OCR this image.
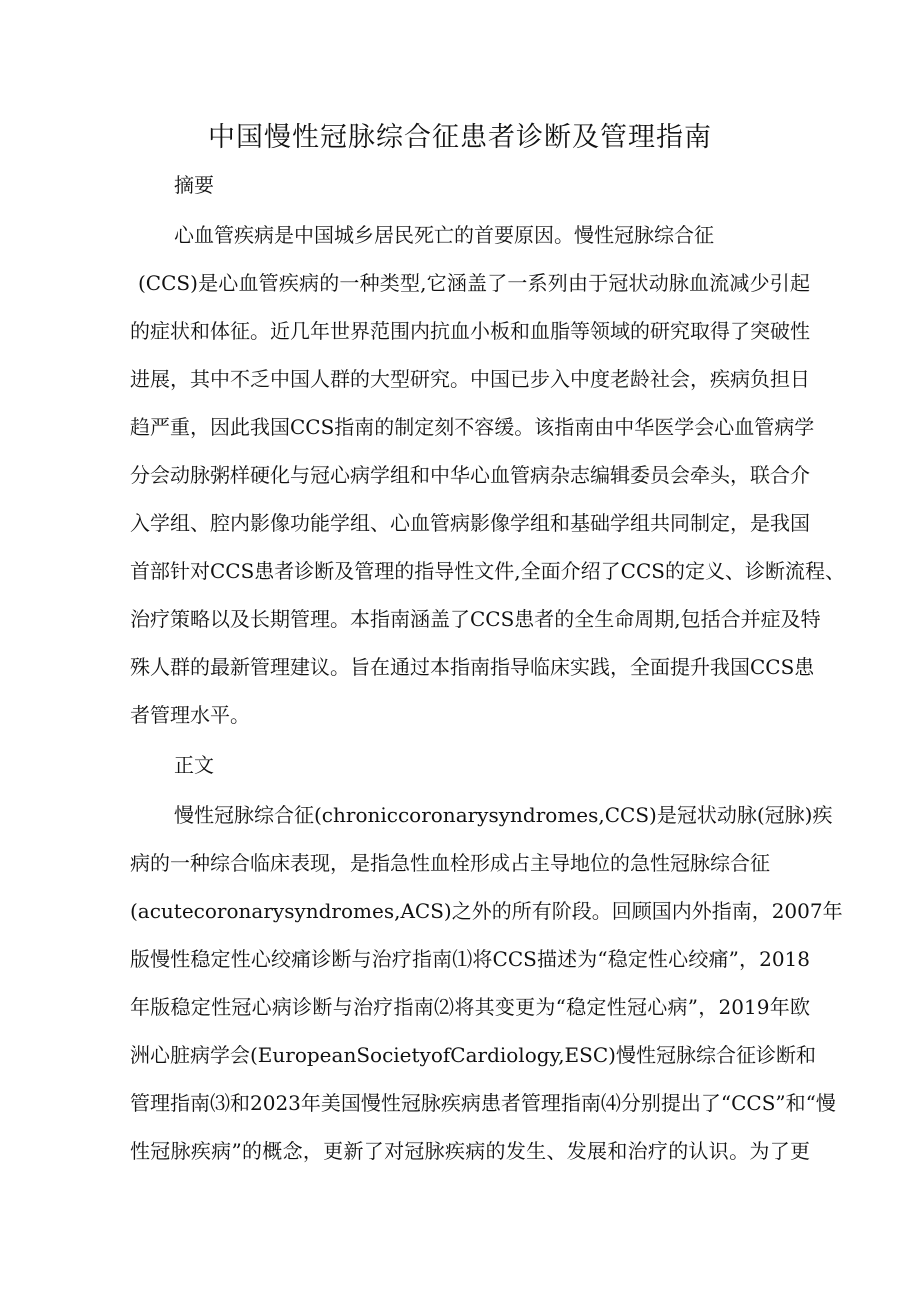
中国慢性冠脉综合征患者诊断及管理指南

摘要

心血管疾病是中国城乡居民死亡的首要原因。慢性冠脉综合征

(CCS)是心血管疾病的一种类型,它涵盖了一系列由于冠状动脉血流减少引起

的症状和体征。近几年世界范围内抗血小板和血脂等领域的研究取得了突破性

进展，其中不乏中国人群的大型研究。中国已步入中度老龄社会，疾病负担日

趋严重，因此我国CCS指南的制定刻不容缓。该指南由中华医学会心血管病学

分会动脉粥样硬化与冠心病学组和中华心血管病杂志编辑委员会牵头，联合介

入学组、腔内影像功能学组、心血管病影像学组和基础学组共同制定，是我国

首部针对CCS患者诊断及管理的指导性文件,全面介绍了CCS的定义、诊断流程、

治疗策略以及长期管理。本指南涵盖了CCS患者的全生命周期,包括合并症及特

殊人群的最新管理建议。旨在通过本指南指导临床实践，全面提升我国CCS患

者管理水平。

正文

慢性冠脉综合征(chroniccoronarysyndromes,CCS)是冠状动脉(冠脉)疾

病的一种综合临床表现，是指急性血栓形成占主导地位的急性冠脉综合征

(acutecoronarysyndromes,ACS)之外的所有阶段。回顾国内外指南，2007年

版慢性稳定性心绞痛诊断与治疗指南⑴将CCS描述为“稳定性心绞痛”，2018

年版稳定性冠心病诊断与治疗指南⑵将其变更为“稳定性冠心病”，2019年欧

洲心脏病学会(EuropeanSocietyofCardiology,ESC)慢性冠脉综合征诊断和

管理指南⑶和2023年美国慢性冠脉疾病患者管理指南⑷分别提出了“CCS”和“慢

性冠脉疾病”的概念，更新了对冠脉疾病的发生、发展和治疗的认识。为了更
